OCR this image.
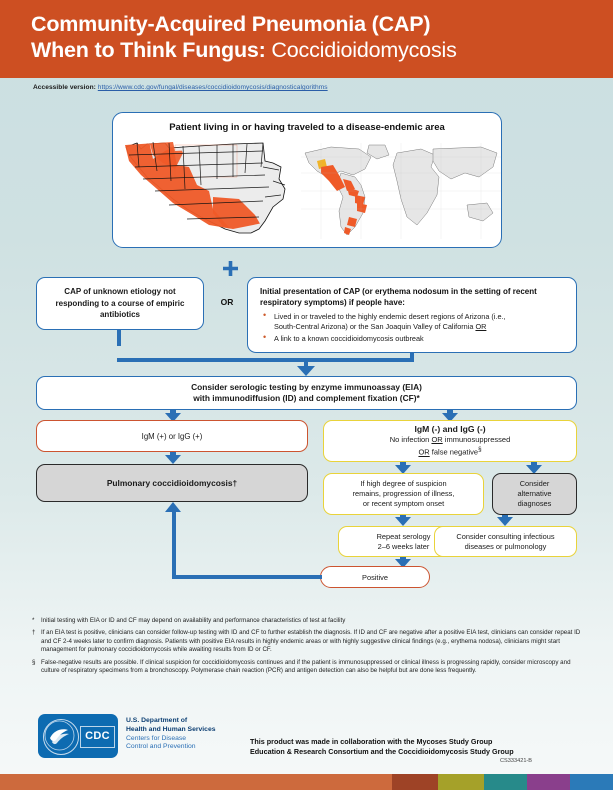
Community-Acquired Pneumonia (CAP)
When to Think Fungus: Coccidioidomycosis
Accessible version: https://www.cdc.gov/fungal/diseases/coccidioidomycosis/diagnosticalgorithms
Patient living in or having traveled to a disease-endemic area
CAP of unknown etiology not responding to a course of empiric antibiotics
OR
Initial presentation of CAP (or erythema nodosum in the setting of recent respiratory symptoms) if people have:
• Lived in or traveled to the highly endemic desert regions of Arizona (i.e.,
South-Central Arizona) or the San Joaquin Valley of California OR
• A link to a known coccidioidomycosis outbreak
Consider serologic testing by enzyme immunoassay (EIA)
with immunodiffusion (ID) and complement fixation (CF)*
IgM (+) or IgG (+)
Pulmonary coccidioidomycosis†
IgM (-) and IgG (-)
No infection OR immunosuppressed
OR false negative§
If high degree of suspicion
remains, progression of illness,
or recent symptom onset
Consider
alternative
diagnoses
Repeat serology
2–6 weeks later
Consider consulting infectious
diseases or pulmonology
Positive
* Initial testing with EIA or ID and CF may depend on availability and performance characteristics of test at facility
† If an EIA test is positive, clinicians can consider follow-up testing with ID and CF to further establish the diagnosis. If ID and CF are negative after a positive EIA test, clinicians can consider repeat ID and CF 2-4 weeks later to confirm diagnosis. Patients with positive EIA results in highly endemic areas or with highly suggestive clinical findings (e.g., erythema nodosa), clinicians might start management for pulmonary coccidioidomycosis while awaiting results from ID or CF.
§ False-negative results are possible. If clinical suspicion for coccidioidomycosis continues and if the patient is immunosuppressed or clinical illness is progressing rapidly, consider microscopy and culture of respiratory specimens from a bronchoscopy. Polymerase chain reaction (PCR) and antigen detection can also be helpful but are done less frequently.
CDC
U.S. Department of
Health and Human Services
Centers for Disease
Control and Prevention
This product was made in collaboration with the Mycoses Study Group
Education & Research Consortium and the Coccidioidomycosis Study Group
CS333421-B
